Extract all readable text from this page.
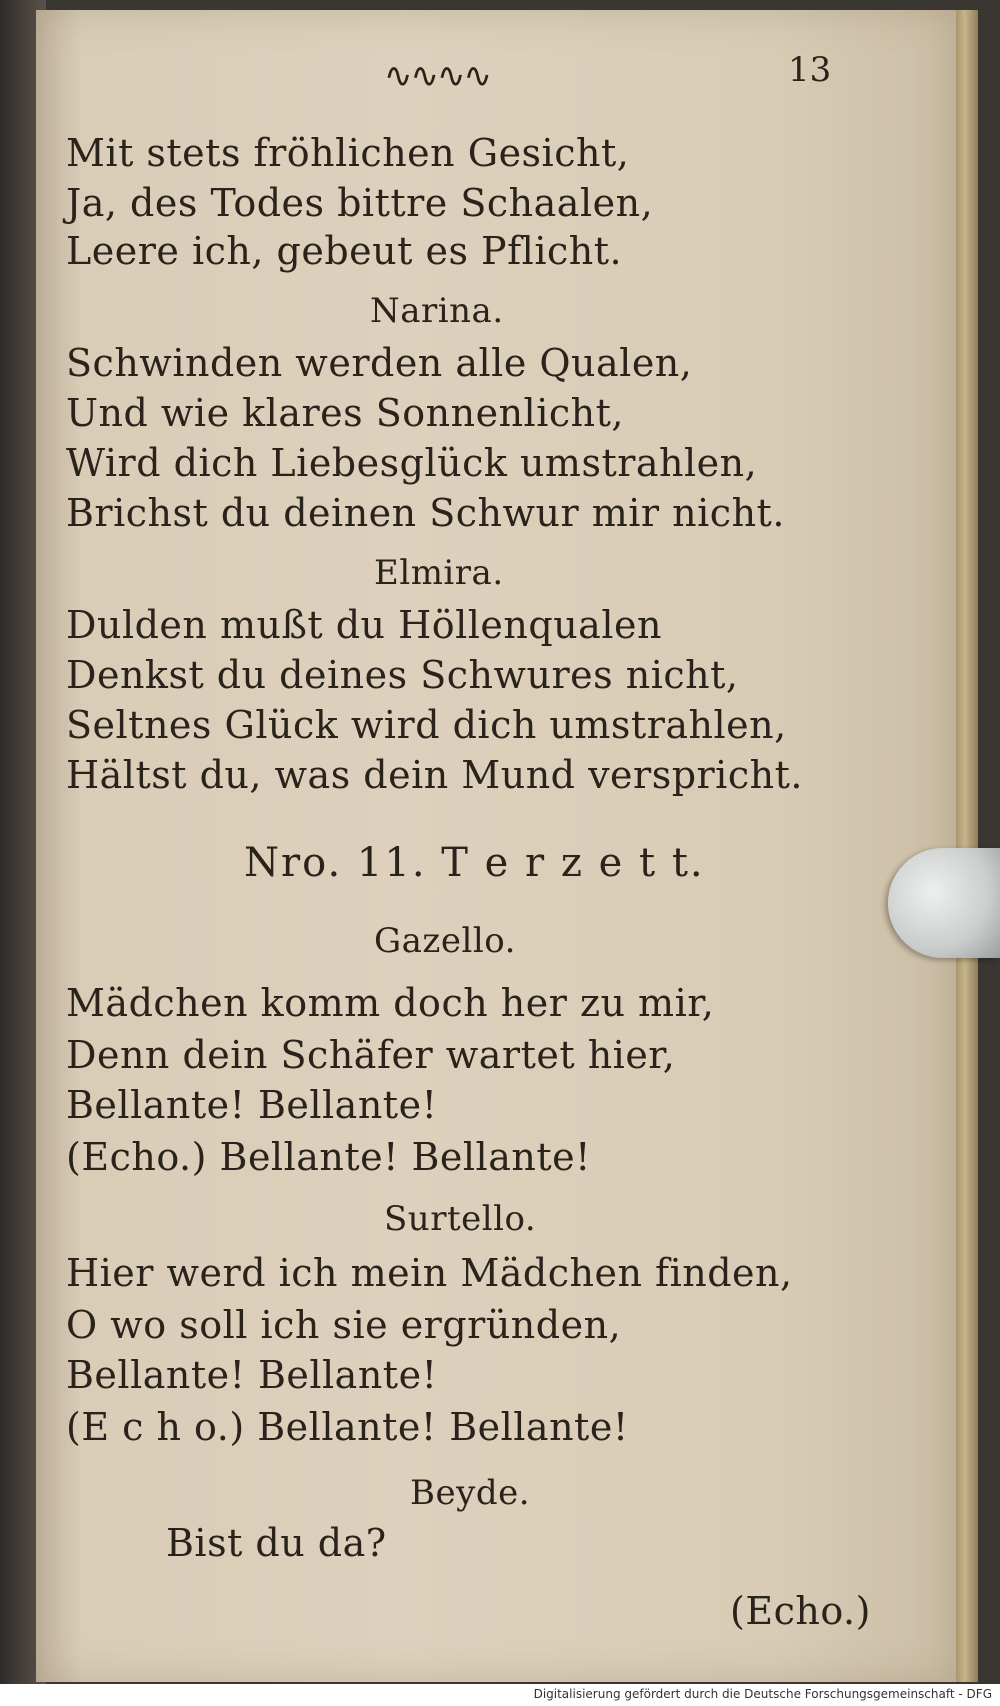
∿∿∿∿	13
Mit stets fröhlichen Gesicht,
Ja, des Todes bittre Schaalen,
Leere ich, gebeut es Pflicht.
Narina.
Schwinden werden alle Qualen,
Und wie klares Sonnenlicht,
Wird dich Liebesglück umstrahlen,
Brichst du deinen Schwur mir nicht.
Elmira.
Dulden mußt du Höllenqualen
Denkst du deines Schwures nicht,
Seltnes Glück wird dich umstrahlen,
Hältst du, was dein Mund verspricht.
Nro. 11. T e r z e t t.
Gazello.
Mädchen komm doch her zu mir,
Denn dein Schäfer wartet hier,
Bellante! Bellante!
(Echo.) Bellante! Bellante!
Surtello.
Hier werd ich mein Mädchen finden,
O wo soll ich sie ergründen,
Bellante! Bellante!
(E c h o.) Bellante! Bellante!
Beyde.
Bist du da?
(Echo.)
Digitalisierung gefördert durch die Deutsche Forschungsgemeinschaft - DFG
